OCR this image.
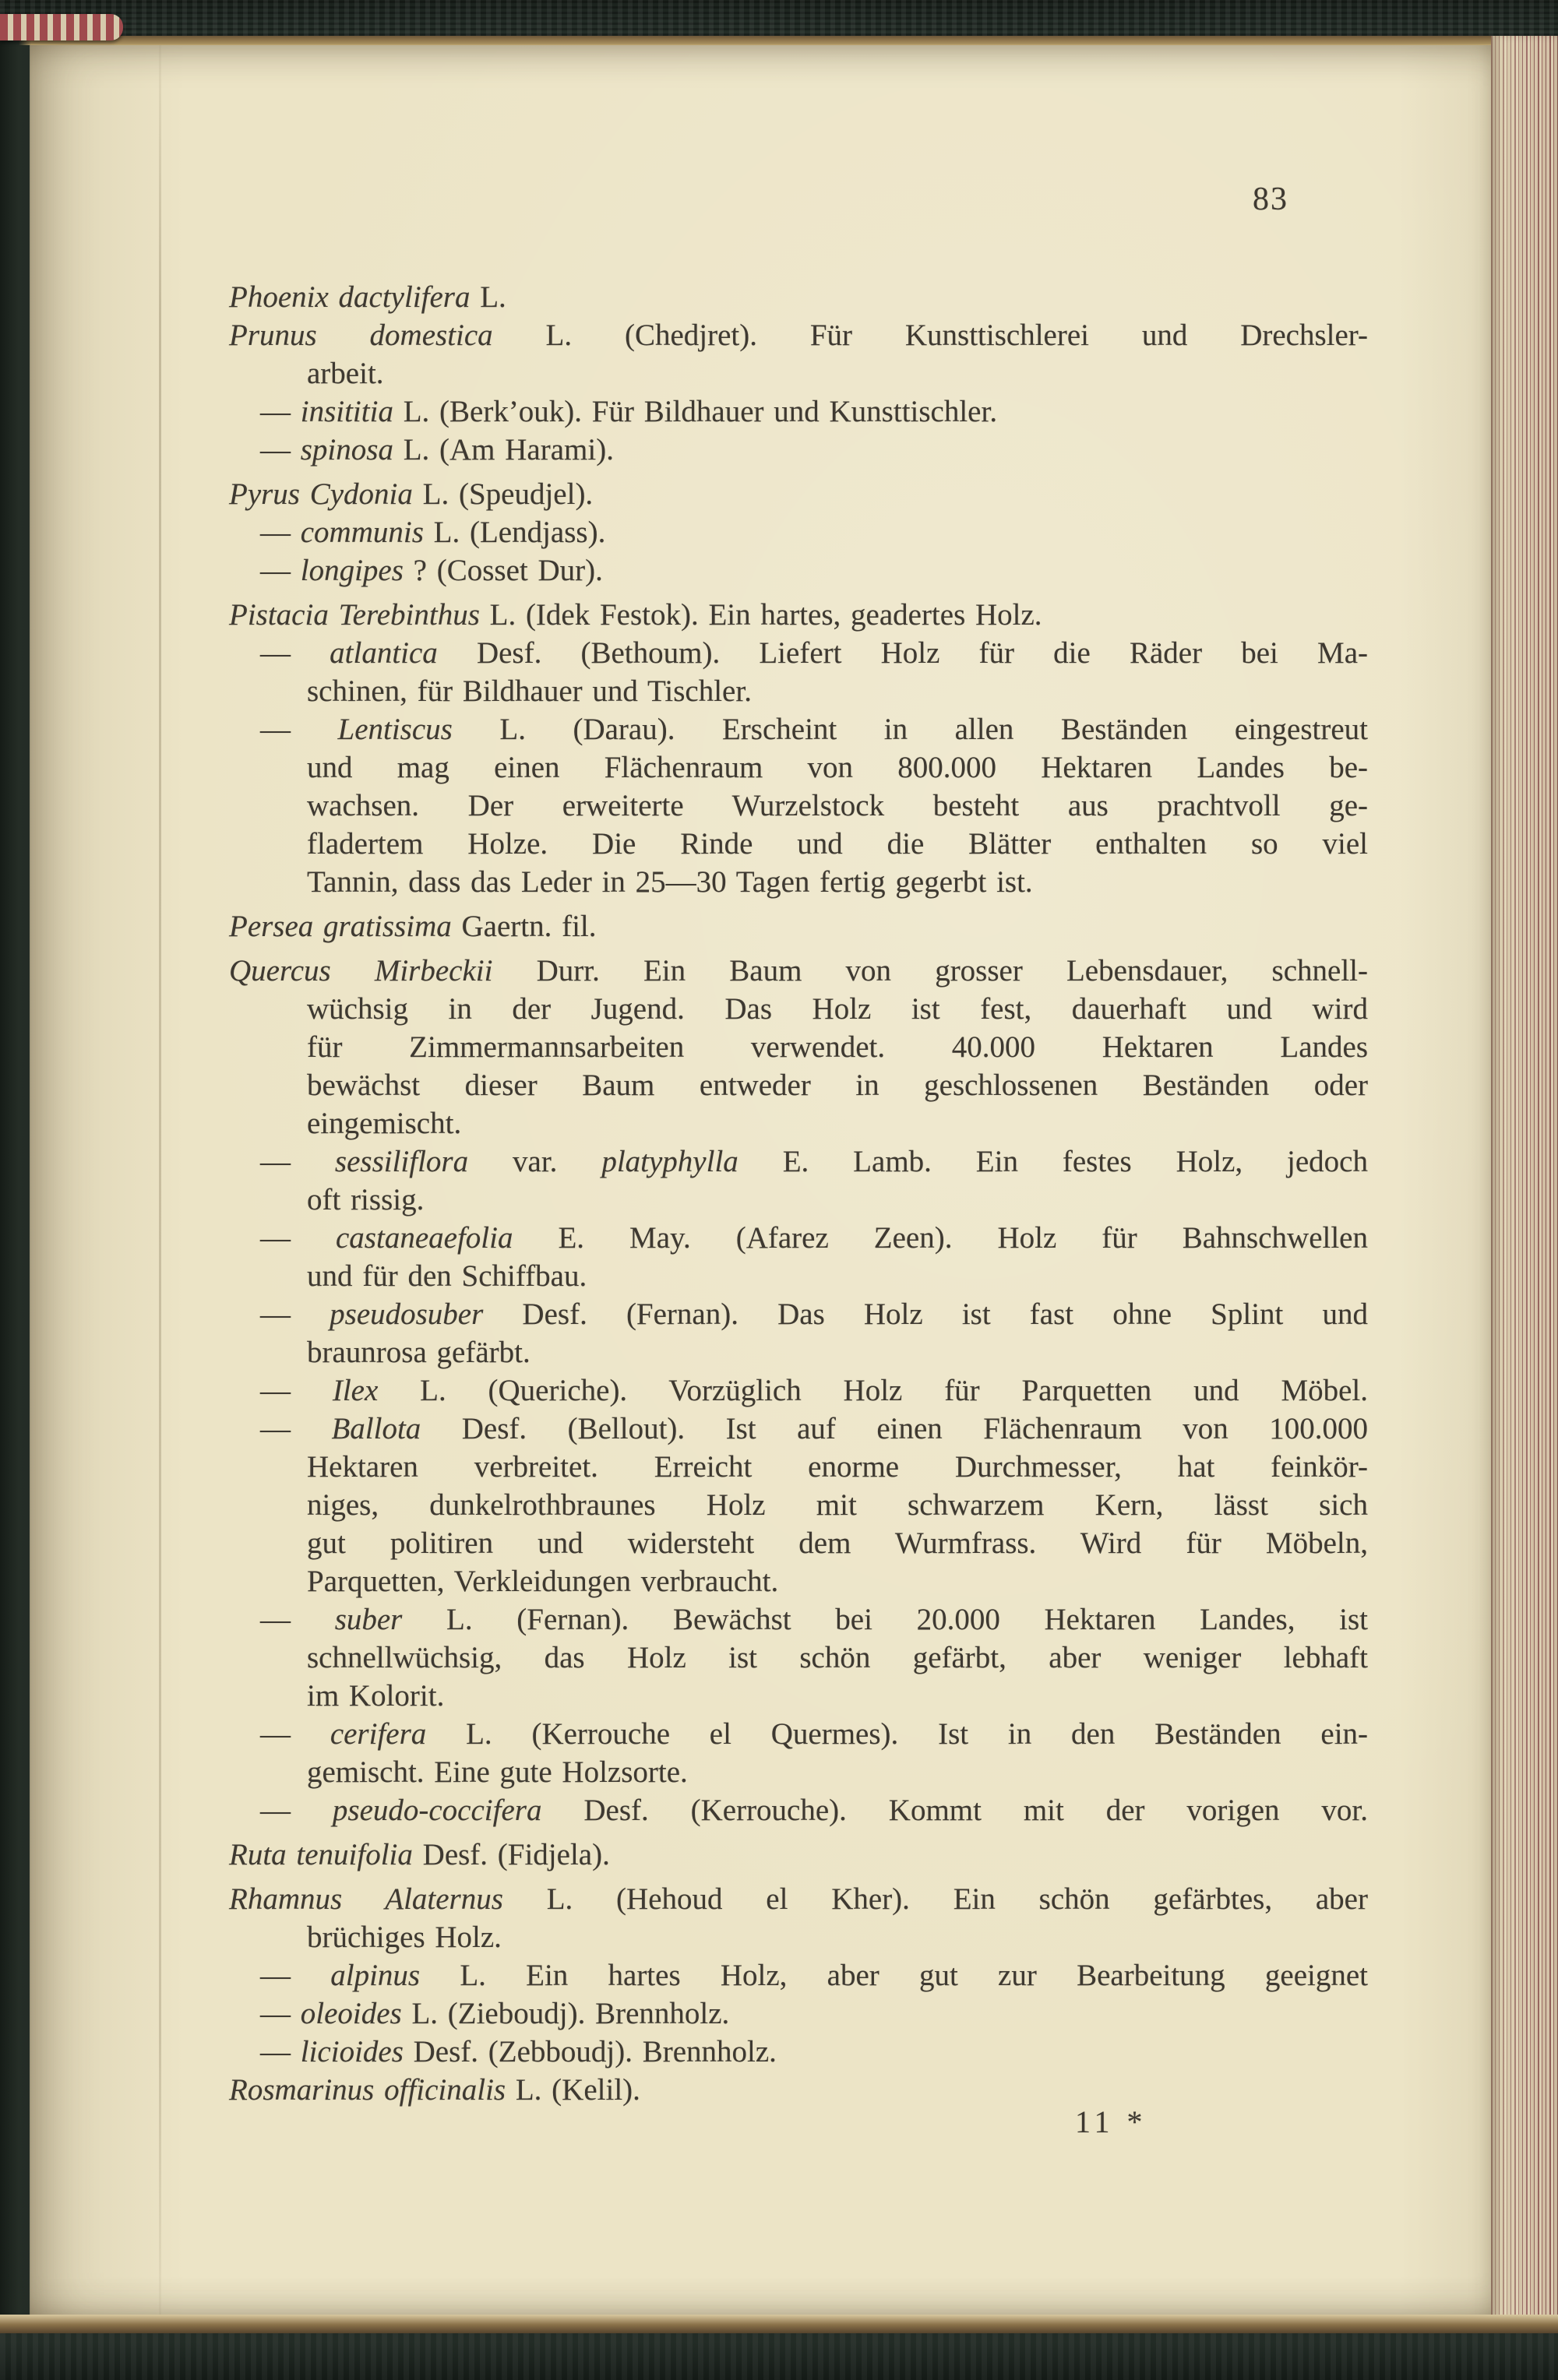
83
Phoenix dactylifera L.
Prunus domestica L. (Chedjret). Für Kunsttischlerei und Drechsler-
arbeit.
— insititia L. (Berk’ouk). Für Bildhauer und Kunsttischler.
— spinosa L. (Am Harami).
Pyrus Cydonia L. (Speudjel).
— communis L. (Lendjass).
— longipes ? (Cosset Dur).
Pistacia Terebinthus L. (Idek Festok). Ein hartes, geadertes Holz.
— atlantica Desf. (Bethoum). Liefert Holz für die Räder bei Ma-
schinen, für Bildhauer und Tischler.
— Lentiscus L. (Darau). Erscheint in allen Beständen eingestreut
und mag einen Flächenraum von 800.000 Hektaren Landes be-
wachsen. Der erweiterte Wurzelstock besteht aus prachtvoll ge-
fladertem Holze. Die Rinde und die Blätter enthalten so viel
Tannin, dass das Leder in 25—30 Tagen fertig gegerbt ist.
Persea gratissima Gaertn. fil.
Quercus Mirbeckii Durr. Ein Baum von grosser Lebensdauer, schnell-
wüchsig in der Jugend. Das Holz ist fest, dauerhaft und wird
für Zimmermannsarbeiten verwendet. 40.000 Hektaren Landes
bewächst dieser Baum entweder in geschlossenen Beständen oder
eingemischt.
— sessiliflora var. platyphylla E. Lamb. Ein festes Holz, jedoch
oft rissig.
— castaneaefolia E. May. (Afarez Zeen). Holz für Bahnschwellen
und für den Schiffbau.
— pseudosuber Desf. (Fernan). Das Holz ist fast ohne Splint und
braunrosa gefärbt.
— Ilex L. (Queriche). Vorzüglich Holz für Parquetten und Möbel.
— Ballota Desf. (Bellout). Ist auf einen Flächenraum von 100.000
Hektaren verbreitet. Erreicht enorme Durchmesser, hat feinkör-
niges, dunkelrothbraunes Holz mit schwarzem Kern, lässt sich
gut politiren und widersteht dem Wurmfrass. Wird für Möbeln,
Parquetten, Verkleidungen verbraucht.
— suber L. (Fernan). Bewächst bei 20.000 Hektaren Landes, ist
schnellwüchsig, das Holz ist schön gefärbt, aber weniger lebhaft
im Kolorit.
— cerifera L. (Kerrouche el Quermes). Ist in den Beständen ein-
gemischt. Eine gute Holzsorte.
— pseudo-coccifera Desf. (Kerrouche). Kommt mit der vorigen vor.
Ruta tenuifolia Desf. (Fidjela).
Rhamnus Alaternus L. (Hehoud el Kher). Ein schön gefärbtes, aber
brüchiges Holz.
— alpinus L. Ein hartes Holz, aber gut zur Bearbeitung geeignet
— oleoides L. (Zieboudj). Brennholz.
— licioides Desf. (Zebboudj). Brennholz.
Rosmarinus officinalis L. (Kelil).
11 *
